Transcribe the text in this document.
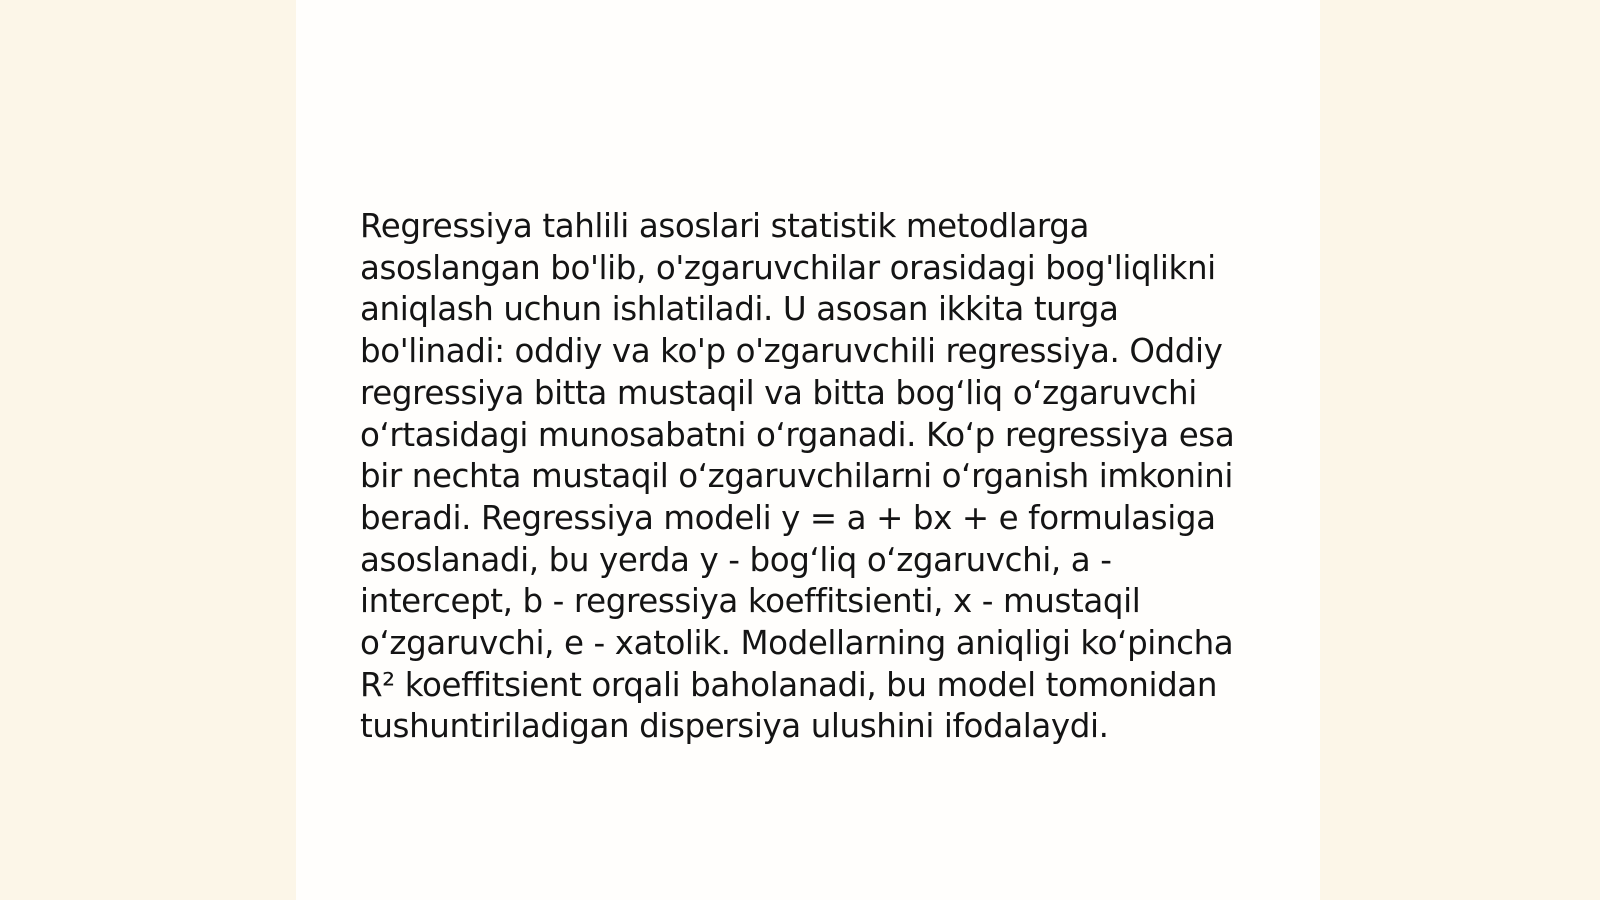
Regressiya tahlili asoslari statistik metodlarga asoslangan bo'lib, o'zgaruvchilar orasidagi bog'liqlikni aniqlash uchun ishlatiladi. U asosan ikkita turga bo'linadi: oddiy va ko'p o'zgaruvchili regressiya. Oddiy regressiya bitta mustaqil va bitta bog‘liq o‘zgaruvchi o‘rtasidagi munosabatni o‘rganadi. Ko‘p regressiya esa bir nechta mustaqil o‘zgaruvchilarni o‘rganish imkonini beradi. Regressiya modeli y = a + bx + e formulasiga asoslanadi, bu yerda y - bog‘liq o‘zgaruvchi, a - intercept, b - regressiya koeffitsienti, x - mustaqil o‘zgaruvchi, e - xatolik. Modellarning aniqligi ko‘pincha R² koeffitsient orqali baholanadi, bu model tomonidan tushuntiriladigan dispersiya ulushini ifodalaydi.
